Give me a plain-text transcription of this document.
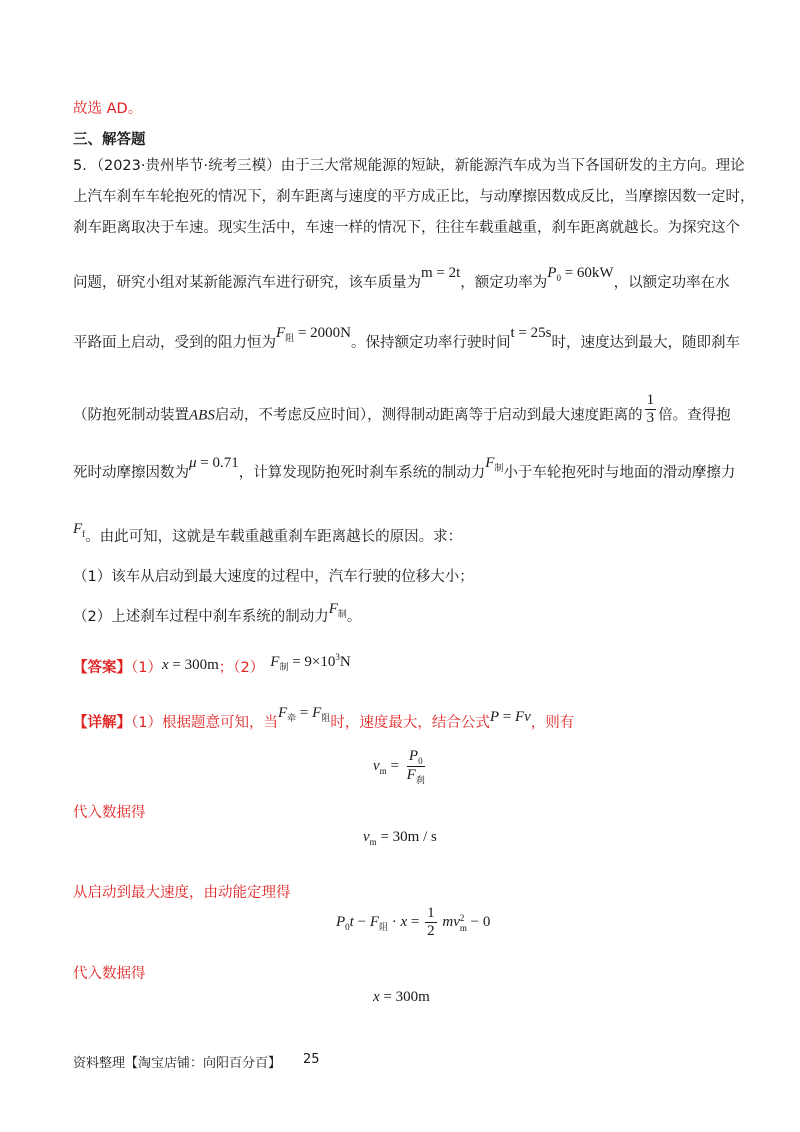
故选 AD。
三、解答题
5．（2023·贵州毕节·统考三模）由于三大常规能源的短缺，新能源汽车成为当下各国研发的主方向。理论
上汽车刹车车轮抱死的情况下，刹车距离与速度的平方成正比，与动摩擦因数成反比，当摩擦因数一定时，
刹车距离取决于车速。现实生活中，车速一样的情况下，往往车载重越重，刹车距离就越长。为探究这个
问题，研究小组对某新能源汽车进行研究，该车质量为m = 2t，额定功率为$P_0 = 60kW$，以额定功率在水
平路面上启动，受到的阻力恒为$F_阻 = 2000N$。保持额定功率行驶时间t = 25s时，速度达到最大，随即刹车
（防抱死制动装置ABS启动，不考虑反应时间），测得制动距离等于启动到最大速度距离的 $\frac{1}{3}$ 倍。查得抱
死时动摩擦因数为μ = 0.71，计算发现防抱死时刹车系统的制动力$F_制$小于车轮抱死时与地面的滑动摩擦力
$F_f$。由此可知，这就是车载重越重刹车距离越长的原因。求：
（1）该车从启动到最大速度的过程中，汽车行驶的位移大小；
（2）上述刹车过程中刹车系统的制动力$F_制$。
【答案】（1）x = 300m；（2） $F_制 = 9\times 10^3N$
【详解】（1）根据题意可知，当$F_牵 = F_阻$时，速度最大，结合公式P = Fv，则有
$v_m = \frac{P_0}{F_刹}$
代入数据得
$v_m = 30m / s$
从启动到最大速度，由动能定理得
$P_0t - F_阻 \cdot x = \frac{1}{2}$ mv 2
m − 0
代入数据得
x = 300m
资料整理【淘宝店铺：向阳百分百】 25
